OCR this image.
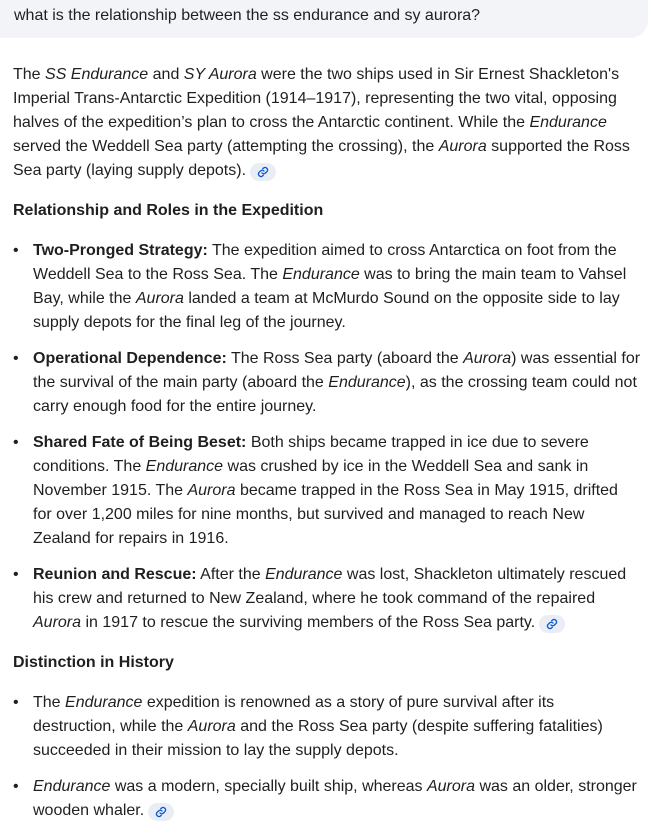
what is the relationship between the ss endurance and sy aurora?

The SS Endurance and SY Aurora were the two ships used in Sir Ernest Shackleton's Imperial Trans-Antarctic Expedition (1914–1917), representing the two vital, opposing halves of the expedition’s plan to cross the Antarctic continent. While the Endurance served the Weddell Sea party (attempting the crossing), the Aurora supported the Ross Sea party (laying supply depots).

Relationship and Roles in the Expedition

• Two-Pronged Strategy: The expedition aimed to cross Antarctica on foot from the Weddell Sea to the Ross Sea. The Endurance was to bring the main team to Vahsel Bay, while the Aurora landed a team at McMurdo Sound on the opposite side to lay supply depots for the final leg of the journey.
• Operational Dependence: The Ross Sea party (aboard the Aurora) was essential for the survival of the main party (aboard the Endurance), as the crossing team could not carry enough food for the entire journey.
• Shared Fate of Being Beset: Both ships became trapped in ice due to severe conditions. The Endurance was crushed by ice in the Weddell Sea and sank in November 1915. The Aurora became trapped in the Ross Sea in May 1915, drifted for over 1,200 miles for nine months, but survived and managed to reach New Zealand for repairs in 1916.
• Reunion and Rescue: After the Endurance was lost, Shackleton ultimately rescued his crew and returned to New Zealand, where he took command of the repaired Aurora in 1917 to rescue the surviving members of the Ross Sea party.

Distinction in History

• The Endurance expedition is renowned as a story of pure survival after its destruction, while the Aurora and the Ross Sea party (despite suffering fatalities) succeeded in their mission to lay the supply depots.
• Endurance was a modern, specially built ship, whereas Aurora was an older, stronger wooden whaler.
